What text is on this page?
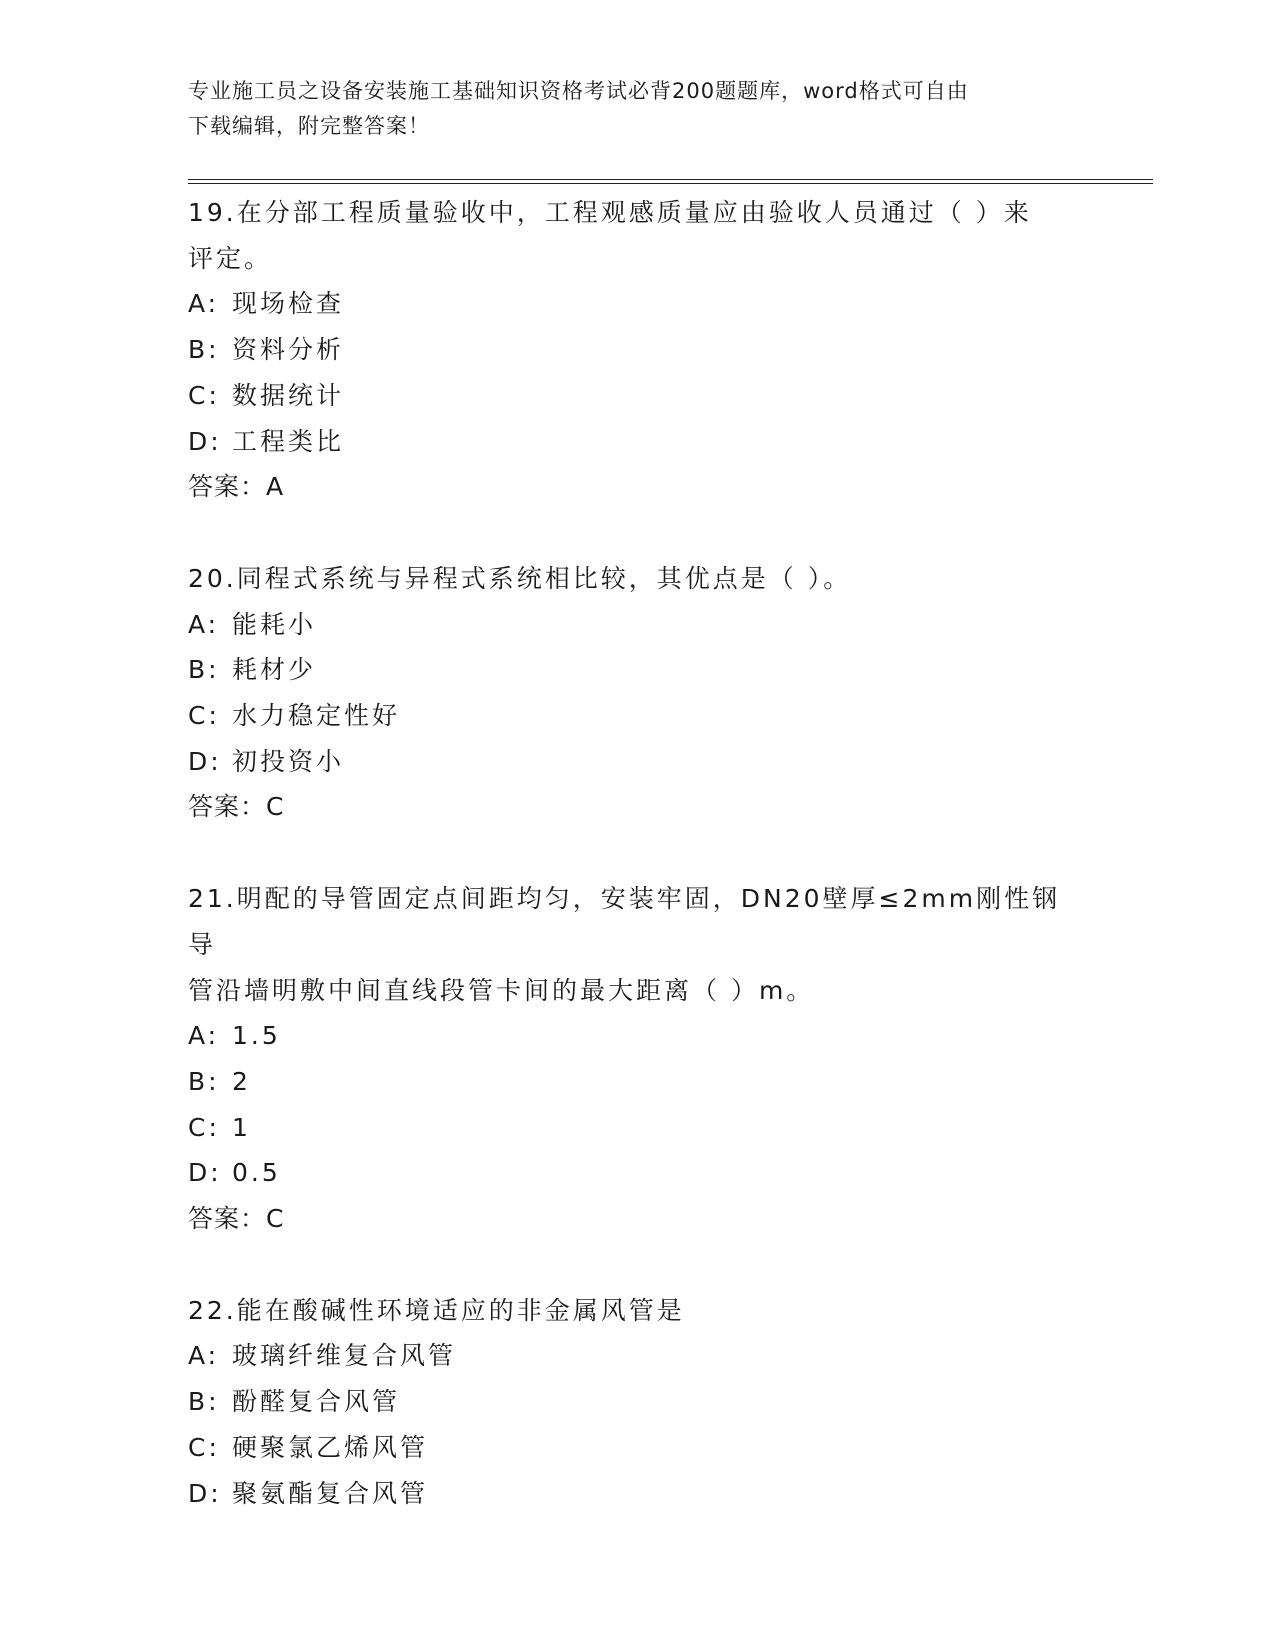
专业施工员之设备安装施工基础知识资格考试必背200题题库，word格式可自由
下载编辑，附完整答案！
19.在分部工程质量验收中，工程观感质量应由验收人员通过（ ）来
评定。
A: 现场检查
B: 资料分析
C: 数据统计
D: 工程类比
答案：A
20.同程式系统与异程式系统相比较，其优点是（ ）。
A: 能耗小
B: 耗材少
C: 水力稳定性好
D: 初投资小
答案：C
21.明配的导管固定点间距均匀，安装牢固，DN20壁厚≤2mm刚性钢导
管沿墙明敷中间直线段管卡间的最大距离（ ）m。
A: 1.5
B: 2
C: 1
D: 0.5
答案：C
22.能在酸碱性环境适应的非金属风管是
A: 玻璃纤维复合风管
B: 酚醛复合风管
C: 硬聚氯乙烯风管
D: 聚氨酯复合风管
